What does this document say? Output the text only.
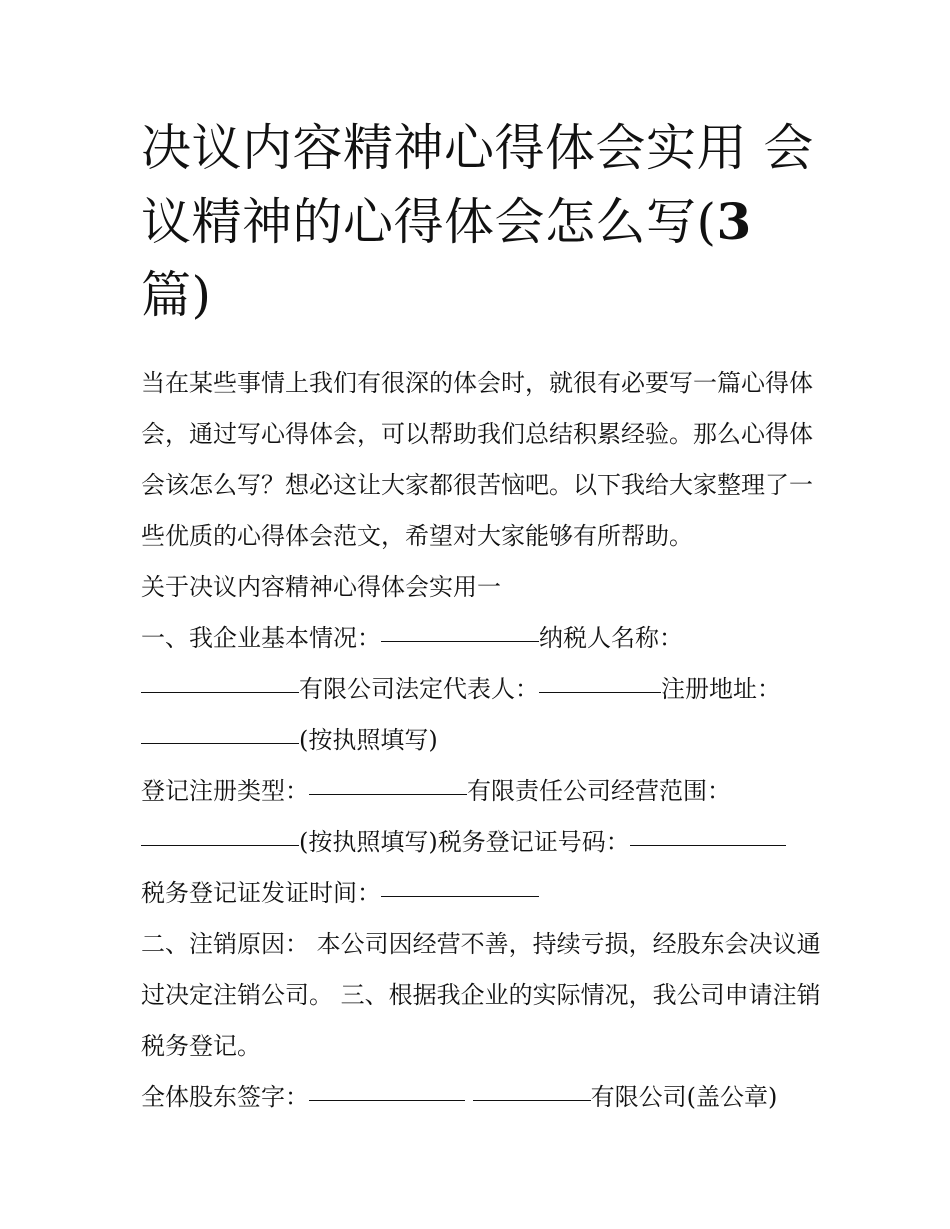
决议内容精神心得体会实用 会议精神的心得体会怎么写(3
篇)

当在某些事情上我们有很深的体会时，就很有必要写一篇心得体会，通过写心得体会，可以帮助我们总结积累经验。那么心得体会该怎么写？想必这让大家都很苦恼吧。以下我给大家整理了一些优质的心得体会范文，希望对大家能够有所帮助。

关于决议内容精神心得体会实用一

一、我企业基本情况：	纳税人名称：
有限公司法定代表人：	注册地址：
(按执照填写)

登记注册类型：	有限责任公司经营范围：
(按执照填写)税务登记证号码：
税务登记证发证时间：

二、注销原因： 本公司因经营不善，持续亏损，经股东会决议通过决定注销公司。 三、根据我企业的实际情况，我公司申请注销税务登记。

全体股东签字：	有限公司(盖公章)
